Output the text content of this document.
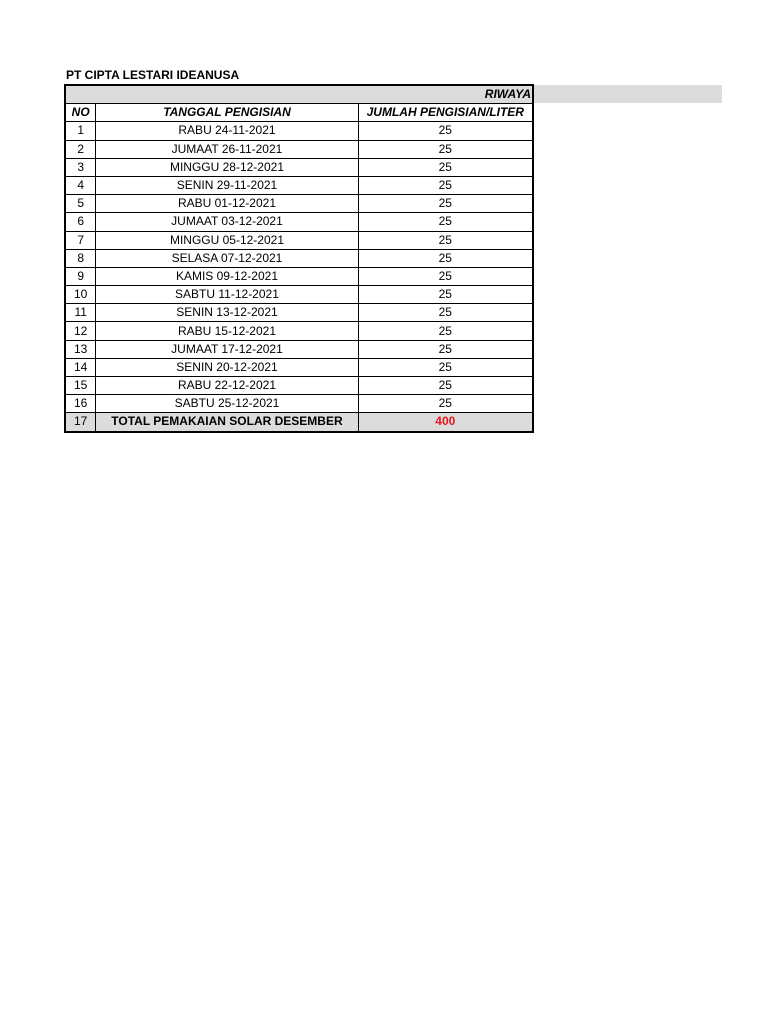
PT CIPTA LESTARI IDEANUSA
RIWAYA		
NO	TANGGAL PENGISIAN	JUMLAH PENGISIAN/LITER
1	RABU 24-11-2021	25
2	JUMAAT 26-11-2021	25
3	MINGGU 28-12-2021	25
4	SENIN 29-11-2021	25
5	RABU 01-12-2021	25
6	JUMAAT 03-12-2021	25
7	MINGGU 05-12-2021	25
8	SELASA 07-12-2021	25
9	KAMIS 09-12-2021	25
10	SABTU 11-12-2021	25
11	SENIN 13-12-2021	25
12	RABU 15-12-2021	25
13	JUMAAT 17-12-2021	25
14	SENIN 20-12-2021	25
15	RABU 22-12-2021	25
16	SABTU 25-12-2021	25
17	TOTAL PEMAKAIAN SOLAR DESEMBER	400
